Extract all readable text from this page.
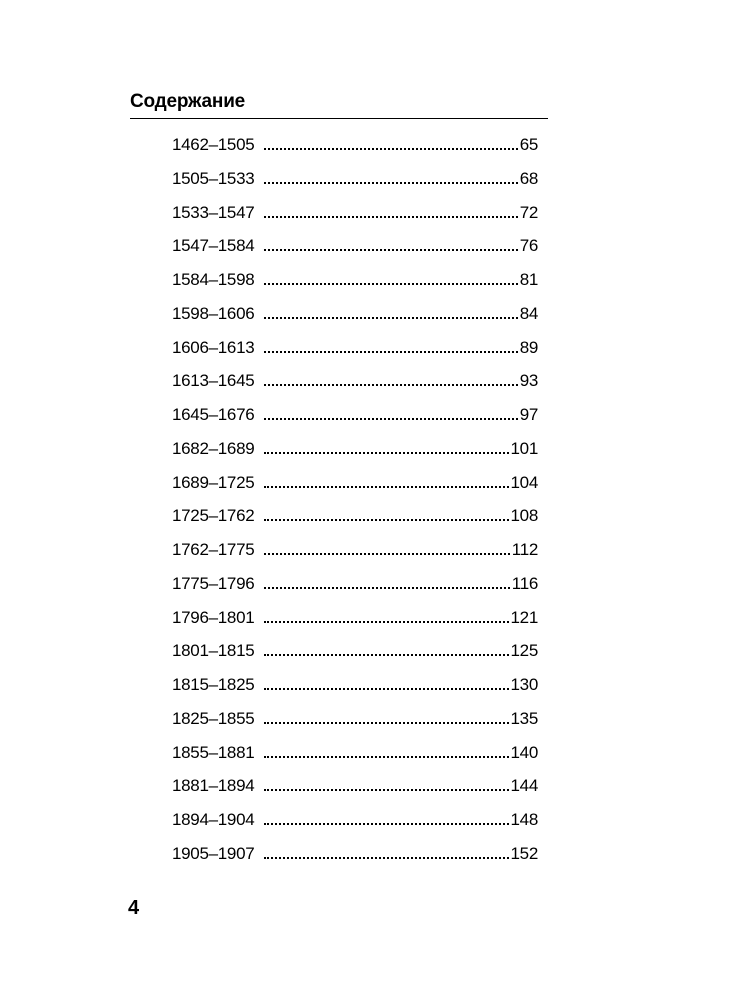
Содержание
1462–1505	65
1505–1533	68
1533–1547	72
1547–1584	76
1584–1598	81
1598–1606	84
1606–1613	89
1613–1645	93
1645–1676	97
1682–1689	101
1689–1725	104
1725–1762	108
1762–1775	112
1775–1796	116
1796–1801	121
1801–1815	125
1815–1825	130
1825–1855	135
1855–1881	140
1881–1894	144
1894–1904	148
1905–1907	152
4
